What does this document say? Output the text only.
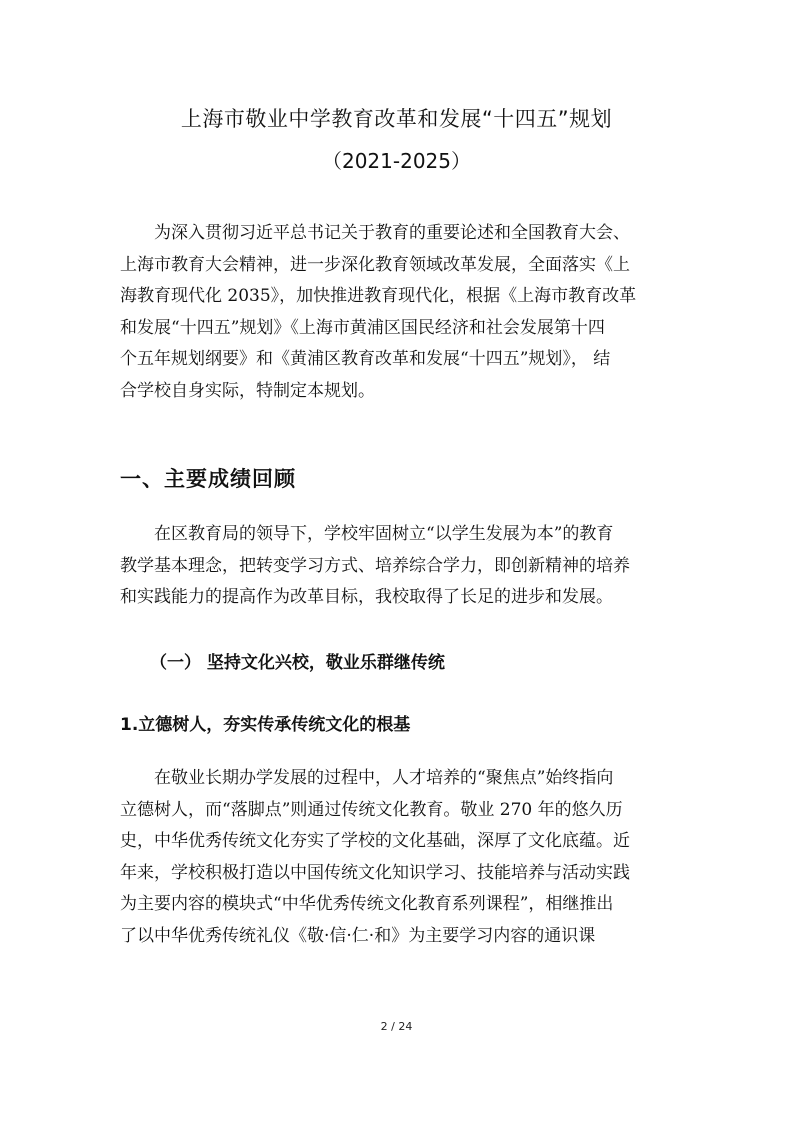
上海市敬业中学教育改革和发展“十四五”规划
（2021-2025）
为深入贯彻习近平总书记关于教育的重要论述和全国教育大会、
上海市教育大会精神，进一步深化教育领域改革发展，全面落实《上
海教育现代化 2035》，加快推进教育现代化，根据《上海市教育改革
和发展“十四五”规划》《上海市黄浦区国民经济和社会发展第十四
个五年规划纲要》和《黄浦区教育改革和发展“十四五”规划》， 结
合学校自身实际，特制定本规划。
一、主要成绩回顾
在区教育局的领导下，学校牢固树立“以学生发展为本”的教育
教学基本理念，把转变学习方式、培养综合学力，即创新精神的培养
和实践能力的提高作为改革目标，我校取得了长足的进步和发展。
（一） 坚持文化兴校，敬业乐群继传统
1.立德树人，夯实传承传统文化的根基
在敬业长期办学发展的过程中，人才培养的“聚焦点”始终指向
立德树人，而“落脚点”则通过传统文化教育。敬业 270 年的悠久历
史，中华优秀传统文化夯实了学校的文化基础，深厚了文化底蕴。近
年来，学校积极打造以中国传统文化知识学习、技能培养与活动实践
为主要内容的模块式“中华优秀传统文化教育系列课程”，相继推出
了以中华优秀传统礼仪《敬·信·仁·和》为主要学习内容的通识课
2 / 24
